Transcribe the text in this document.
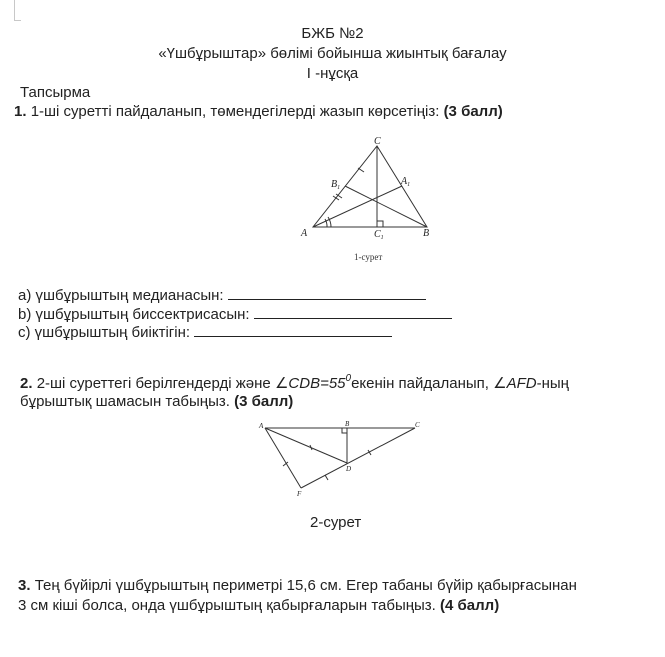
БЖБ №2
«Үшбұрыштар» бөлімі бойынша жиынтық бағалау
I -нұсқа
Тапсырма
1. 1-ші суретті пайдаланып, төмендегілерді жазып көрсетіңіз: (3 балл)
C
A	B
$B_1$
$A_1$
$C_1$
1-сурет
a) үшбұрыштың медианасын:
b) үшбұрыштың биссектрисасын:
c) үшбұрыштың биіктігін:
2. 2-ші суреттегі берілгендерді және $\angle CDB=55^0екенін$ пайдаланып, ∠AFD-ның
бұрыштық шамасын табыңыз. (3 балл)
A	B	C
D
F
2-сурет
3. Тең бүйірлі үшбұрыштың периметрі 15,6 см. Егер табаны бүйір қабырғасынан
3 см кіші болса, онда үшбұрыштың қабырғаларын табыңыз. (4 балл)
